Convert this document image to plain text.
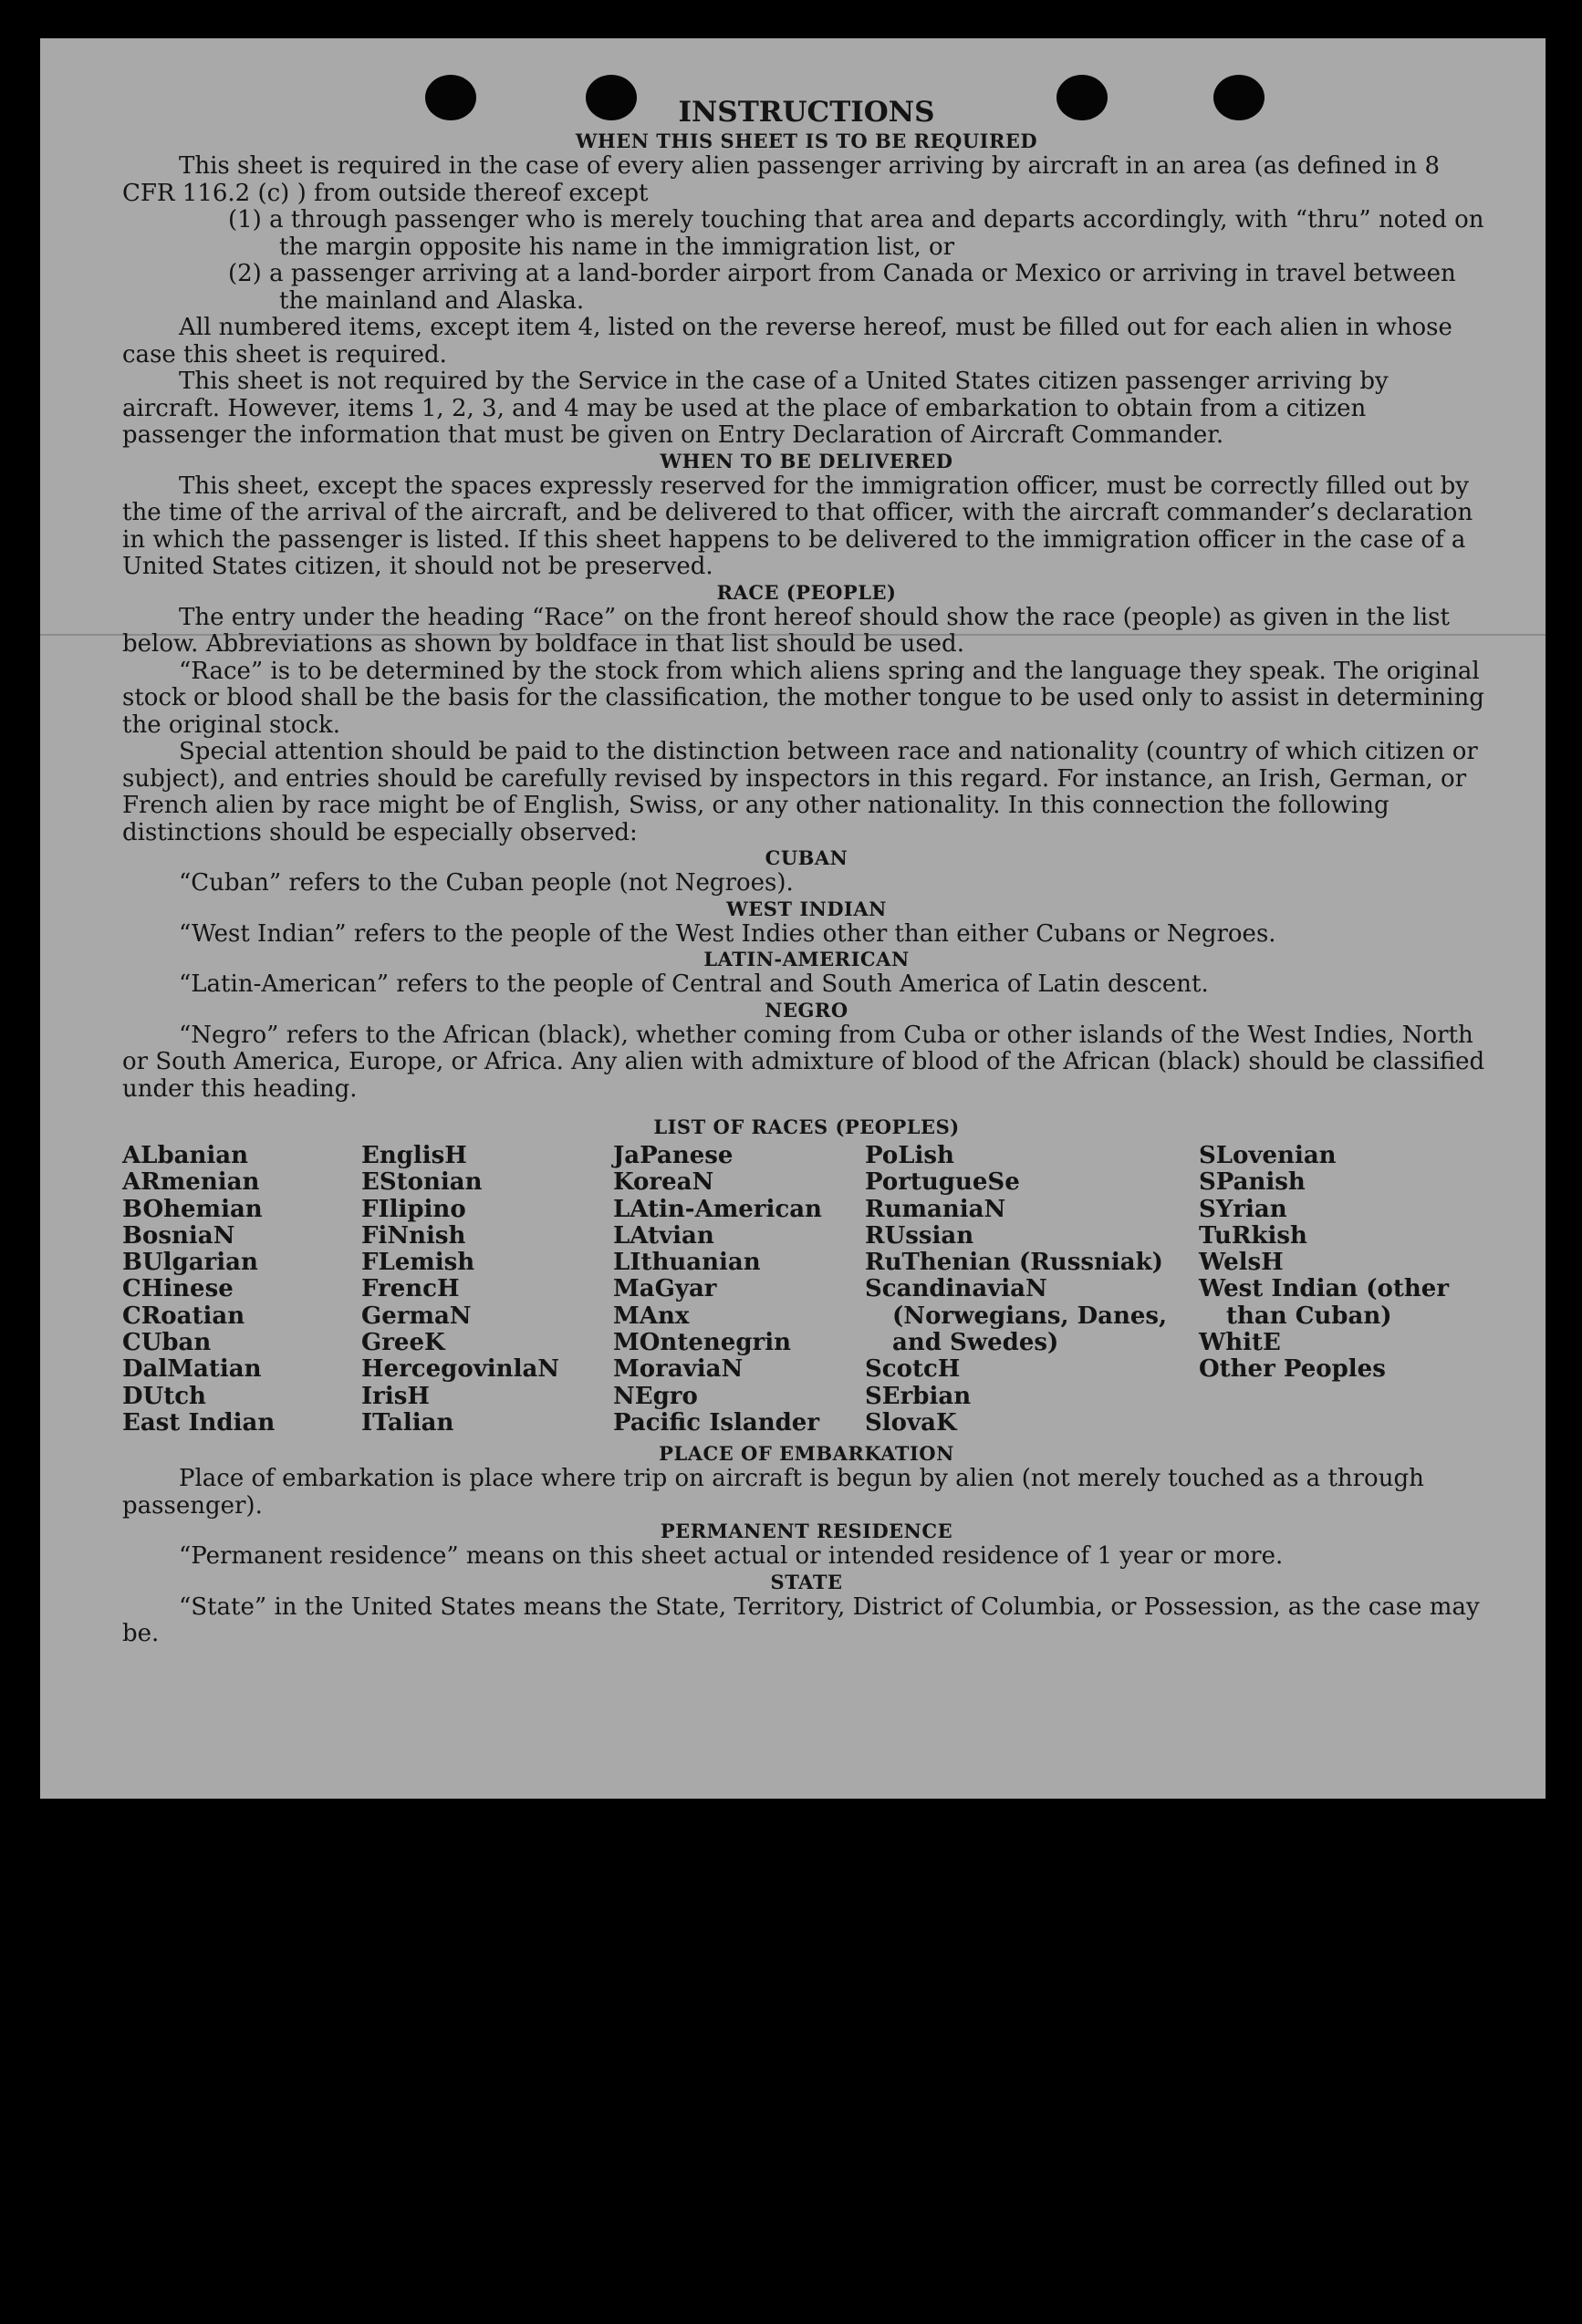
INSTRUCTIONS
WHEN THIS SHEET IS TO BE REQUIRED

This sheet is required in the case of every alien passenger arriving by aircraft in an area (as defined in 8 CFR 116.2 (c) ) from outside thereof except

(1) a through passenger who is merely touching that area and departs accordingly, with “thru” noted on the margin opposite his name in the immigration list, or

(2) a passenger arriving at a land-border airport from Canada or Mexico or arriving in travel between the mainland and Alaska.

All numbered items, except item 4, listed on the reverse hereof, must be filled out for each alien in whose case this sheet is required.

This sheet is not required by the Service in the case of a United States citizen passenger arriving by aircraft. However, items 1, 2, 3, and 4 may be used at the place of embarkation to obtain from a citizen passenger the information that must be given on Entry Declaration of Aircraft Commander.

WHEN TO BE DELIVERED

This sheet, except the spaces expressly reserved for the immigration officer, must be correctly filled out by the time of the arrival of the aircraft, and be delivered to that officer, with the aircraft commander’s declaration in which the passenger is listed. If this sheet happens to be delivered to the immigration officer in the case of a United States citizen, it should not be preserved.

RACE (PEOPLE)

The entry under the heading “Race” on the front hereof should show the race (people) as given in the list below. Abbreviations as shown by boldface in that list should be used.

“Race” is to be determined by the stock from which aliens spring and the language they speak. The original stock or blood shall be the basis for the classification, the mother tongue to be used only to assist in determining the original stock.

Special attention should be paid to the distinction between race and nationality (country of which citizen or subject), and entries should be carefully revised by inspectors in this regard. For instance, an Irish, German, or French alien by race might be of English, Swiss, or any other nationality. In this connection the following distinctions should be especially observed:

CUBAN

“Cuban” refers to the Cuban people (not Negroes).

WEST INDIAN

“West Indian” refers to the people of the West Indies other than either Cubans or Negroes.

LATIN-AMERICAN

“Latin-American” refers to the people of Central and South America of Latin descent.

NEGRO

“Negro” refers to the African (black), whether coming from Cuba or other islands of the West Indies, North or South America, Europe, or Africa. Any alien with admixture of blood of the African (black) should be classified under this heading.

LIST OF RACES (PEOPLES)
ALbanian
ARmenian
BOhemian
BosniaN
BUlgarian
CHinese
CRoatian
CUban
DalMatian
DUtch
East Indian
EnglisH
EStonian
FIlipino
FiNnish
FLemish
FrencH
GermaN
GreeK
HercegovinlaN
IrisH
ITalian
JaPanese
KoreaN
LAtin-American
LAtvian
LIthuanian
MaGyar
MAnx
MOntenegrin
MoraviaN
NEgro
Pacific Islander
PoLish
PortugueSe
RumaniaN
RUssian
RuThenian (Russniak)
ScandinaviaN (Norwegians, Danes, and Swedes)
ScotcH
SErbian
SlovaK
SLovenian
SPanish
SYrian
TuRkish
WelsH
West Indian (other than Cuban)
WhitE
Other Peoples
PLACE OF EMBARKATION

Place of embarkation is place where trip on aircraft is begun by alien (not merely touched as a through passenger).

PERMANENT RESIDENCE

“Permanent residence” means on this sheet actual or intended residence of 1 year or more.

STATE

“State” in the United States means the State, Territory, District of Columbia, or Possession, as the case may be.
